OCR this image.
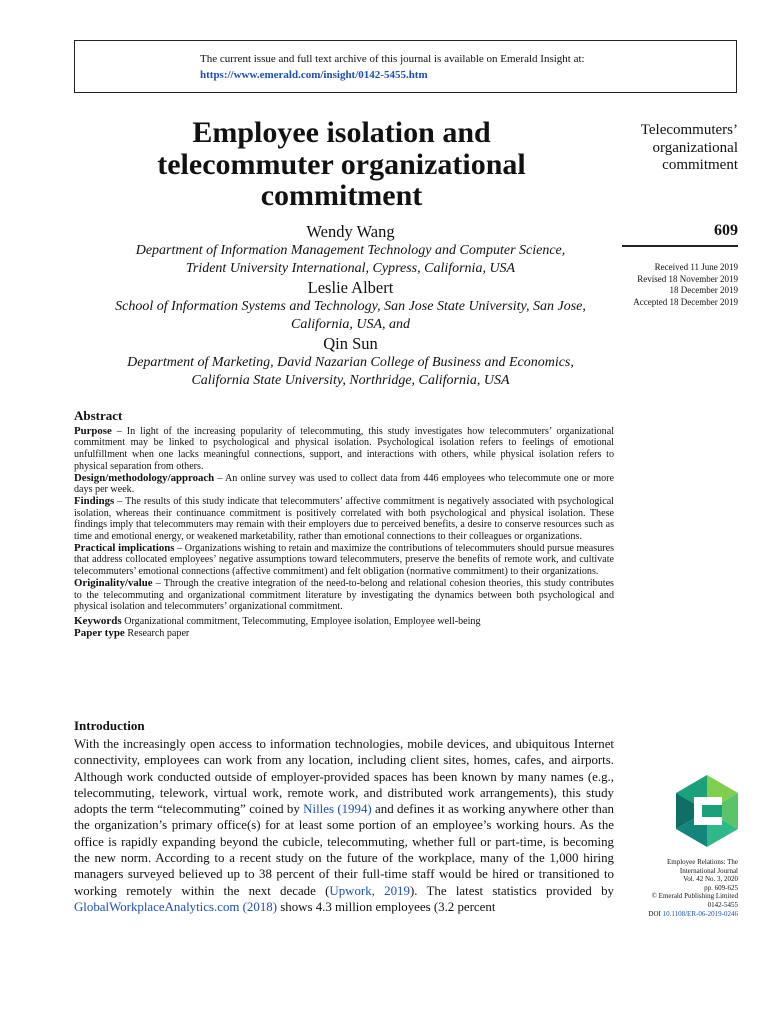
The current issue and full text archive of this journal is available on Emerald Insight at:
https://www.emerald.com/insight/0142-5455.htm
Employee isolation and
telecommuter organizational
commitment
Wendy Wang
Department of Information Management Technology and Computer Science,
Trident University International, Cypress, California, USA
Leslie Albert
School of Information Systems and Technology, San Jose State University, San Jose,
California, USA, and
Qin Sun
Department of Marketing, David Nazarian College of Business and Economics,
California State University, Northridge, California, USA
Telecommuters’
organizational
commitment
609
Received 11 June 2019
Revised 18 November 2019
18 December 2019
Accepted 18 December 2019
Abstract

Purpose – In light of the increasing popularity of telecommuting, this study investigates how telecommuters’ organizational commitment may be linked to psychological and physical isolation. Psychological isolation refers to feelings of emotional unfulfillment when one lacks meaningful connections, support, and interactions with others, while physical isolation refers to physical separation from others.

Design/methodology/approach – An online survey was used to collect data from 446 employees who telecommute one or more days per week.

Findings – The results of this study indicate that telecommuters’ affective commitment is negatively associated with psychological isolation, whereas their continuance commitment is positively correlated with both psychological and physical isolation. These findings imply that telecommuters may remain with their employers due to perceived benefits, a desire to conserve resources such as time and emotional energy, or weakened marketability, rather than emotional connections to their colleagues or organizations.

Practical implications – Organizations wishing to retain and maximize the contributions of telecommuters should pursue measures that address collocated employees’ negative assumptions toward telecommuters, preserve the benefits of remote work, and cultivate telecommuters’ emotional connections (affective commitment) and felt obligation (normative commitment) to their organizations.

Originality/value – Through the creative integration of the need-to-belong and relational cohesion theories, this study contributes to the telecommuting and organizational commitment literature by investigating the dynamics between both psychological and physical isolation and telecommuters’ organizational commitment.

Keywords Organizational commitment, Telecommuting, Employee isolation, Employee well-being

Paper type Research paper

Introduction

With the increasingly open access to information technologies, mobile devices, and ubiquitous Internet connectivity, employees can work from any location, including client sites, homes, cafes, and airports. Although work conducted outside of employer-provided spaces has been known by many names (e.g., telecommuting, telework, virtual work, remote work, and distributed work arrangements), this study adopts the term “telecommuting” coined by Nilles (1994) and defines it as working anywhere other than the organization’s primary office(s) for at least some portion of an employee’s working hours. As the office is rapidly expanding beyond the cubicle, telecommuting, whether full or part-time, is becoming the new norm. According to a recent study on the future of the workplace, many of the 1,000 hiring managers surveyed believed up to 38 percent of their full-time staff would be hired or transitioned to working remotely within the next decade (Upwork, 2019). The latest statistics provided by GlobalWorkplaceAnalytics.com (2018) shows 4.3 million employees (3.2 percent

Employee Relations: The
International Journal
Vol. 42 No. 3, 2020
pp. 609-625
© Emerald Publishing Limited
0142-5455
DOI 10.1108/ER-06-2019-0246
